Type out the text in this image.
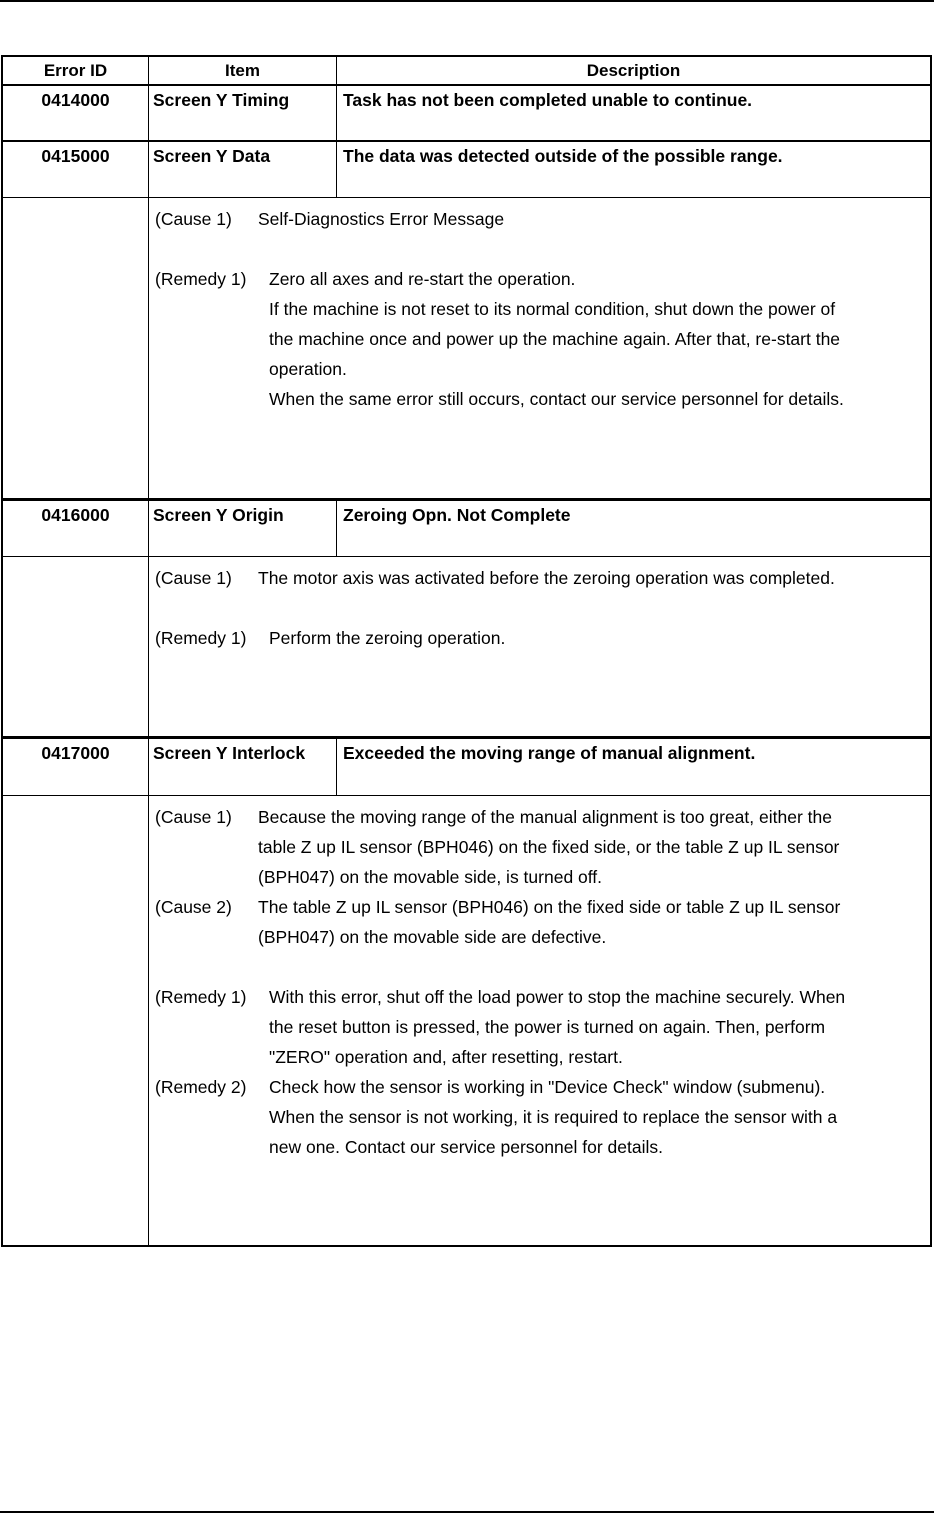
Error ID	Item	Description
0414000	Screen Y Timing	Task has not been completed unable to continue.
0415000	Screen Y Data	The data was detected outside of the possible range.
(Cause 1)	Self-Diagnostics Error Message
(Remedy 1)	Zero all axes and re-start the operation.
If the machine is not reset to its normal condition, shut down the power of
the machine once and power up the machine again. After that, re-start the
operation.
When the same error still occurs, contact our service personnel for details.
0416000	Screen Y Origin	Zeroing Opn. Not Complete
(Cause 1)	The motor axis was activated before the zeroing operation was completed.
(Remedy 1)	Perform the zeroing operation.
0417000	Screen Y Interlock	Exceeded the moving range of manual alignment.
(Cause 1)	Because the moving range of the manual alignment is too great, either the
table Z up IL sensor (BPH046) on the fixed side, or the table Z up IL sensor
(BPH047) on the movable side, is turned off.
(Cause 2)	The table Z up IL sensor (BPH046) on the fixed side or table Z up IL sensor
(BPH047) on the movable side are defective.
(Remedy 1)	With this error, shut off the load power to stop the machine securely. When
the reset button is pressed, the power is turned on again. Then, perform
"ZERO" operation and, after resetting, restart.
(Remedy 2)	Check how the sensor is working in "Device Check" window (submenu).
When the sensor is not working, it is required to replace the sensor with a
new one. Contact our service personnel for details.
